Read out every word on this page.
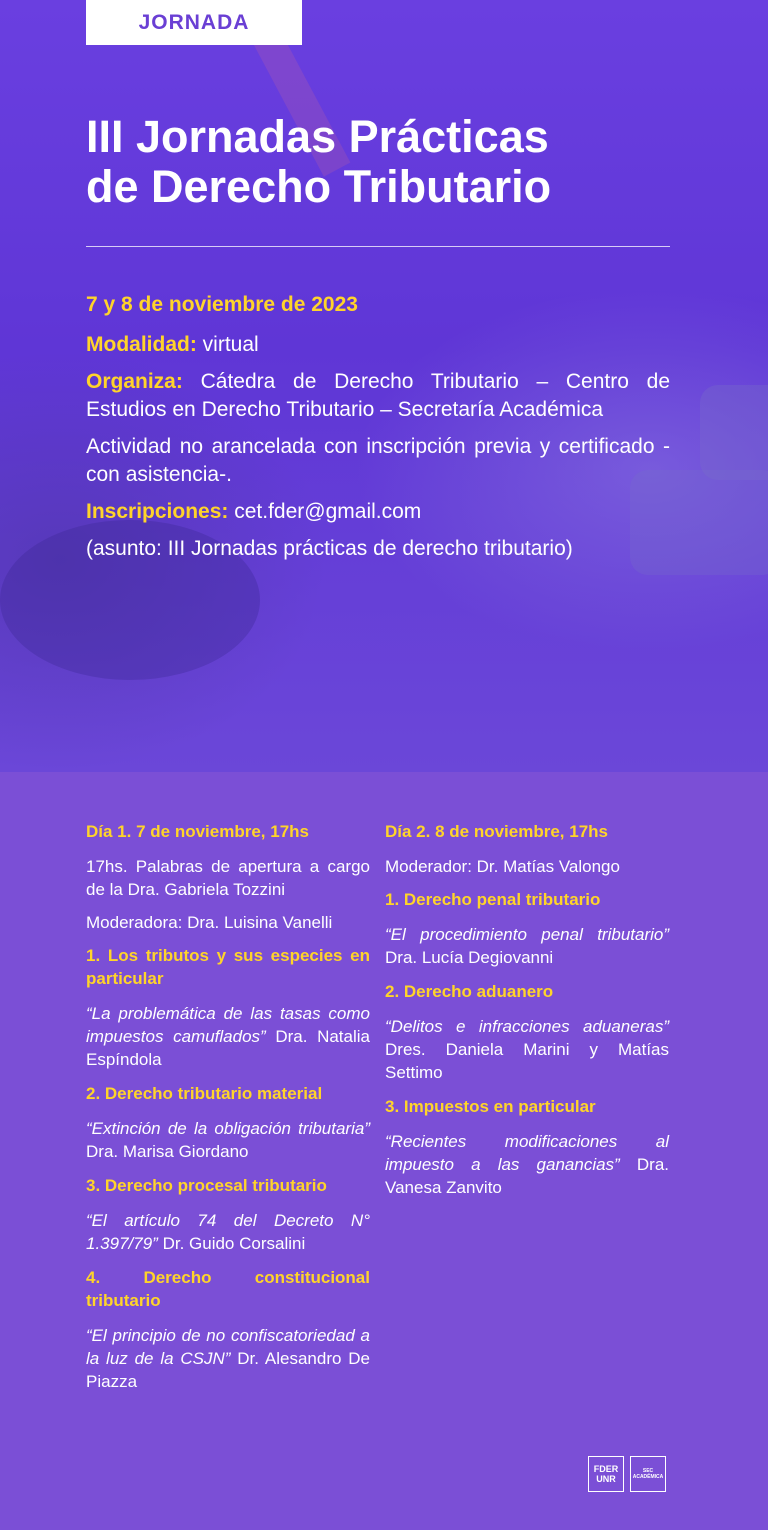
JORNADA
III Jornadas Prácticas
de Derecho Tributario

7 y 8 de noviembre de 2023

Modalidad: virtual

Organiza: Cátedra de Derecho Tributario – Centro de Estudios en Derecho Tributario – Secretaría Académica

Actividad no arancelada con inscripción previa y certificado -con asistencia-.

Inscripciones: cet.fder@gmail.com

(asunto: III Jornadas prácticas de derecho tributario)

Día 1. 7 de noviembre, 17hs

17hs. Palabras de apertura a cargo de la Dra. Gabriela Tozzini

Moderadora: Dra. Luisina Vanelli

1. Los tributos y sus especies en particular

“La problemática de las tasas como impuestos camuflados” Dra. Natalia Espíndola

2. Derecho tributario material

“Extinción de la obligación tributaria” Dra. Marisa Giordano

3. Derecho procesal tributario

“El artículo 74 del Decreto N° 1.397/79” Dr. Guido Corsalini

4. Derecho constitucional tributario

“El principio de no confiscatoriedad a la luz de la CSJN” Dr. Alesandro De Piazza

Día 2. 8 de noviembre, 17hs

Moderador: Dr. Matías Valongo

1. Derecho penal tributario

“El procedimiento penal tributario” Dra. Lucía Degiovanni

2. Derecho aduanero

“Delitos e infracciones aduaneras” Dres. Daniela Marini y Matías Settimo

3. Impuestos en particular

“Recientes modificaciones al impuesto a las ganancias” Dra. Vanesa Zanvito

FDER
UNR
SEC
ACADÉMICA
